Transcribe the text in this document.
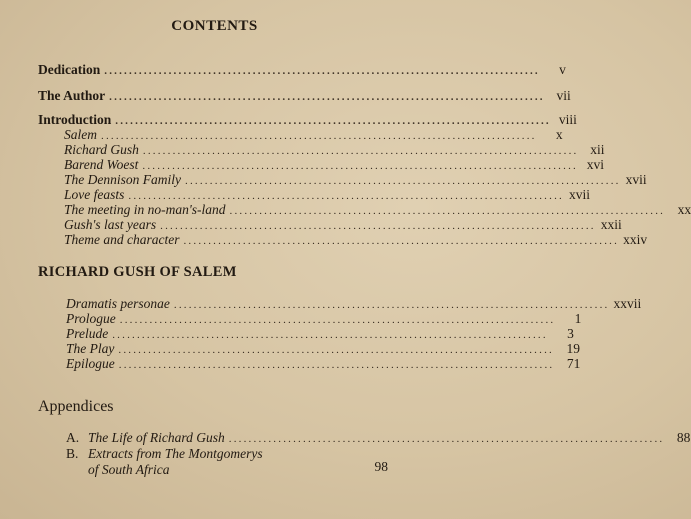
CONTENTS
Dedication ........................................................................................	v
The Author ........................................................................................ vii
Introduction ........................................................................................ viii
Salem ........................................................................................	x
Richard Gush ........................................................................................ xii
Barend Woest ........................................................................................ xvi
The Dennison Family ........................................................................................ xvii
Love feasts ........................................................................................ xvii
The meeting in no-man's-land ........................................................................................ xx
Gush's last years ........................................................................................ xxii
Theme and character ........................................................................................ xxiv
RICHARD GUSH OF SALEM
Dramatis personae ........................................................................................ xxvii
Prologue ........................................................................................	1
Prelude ........................................................................................	3
The Play ........................................................................................ 19
Epilogue ........................................................................................ 71
Appendices
A. The Life of Richard Gush ........................................................................................ 88
B. Extracts from The Montgomerys
of South Africa	98
